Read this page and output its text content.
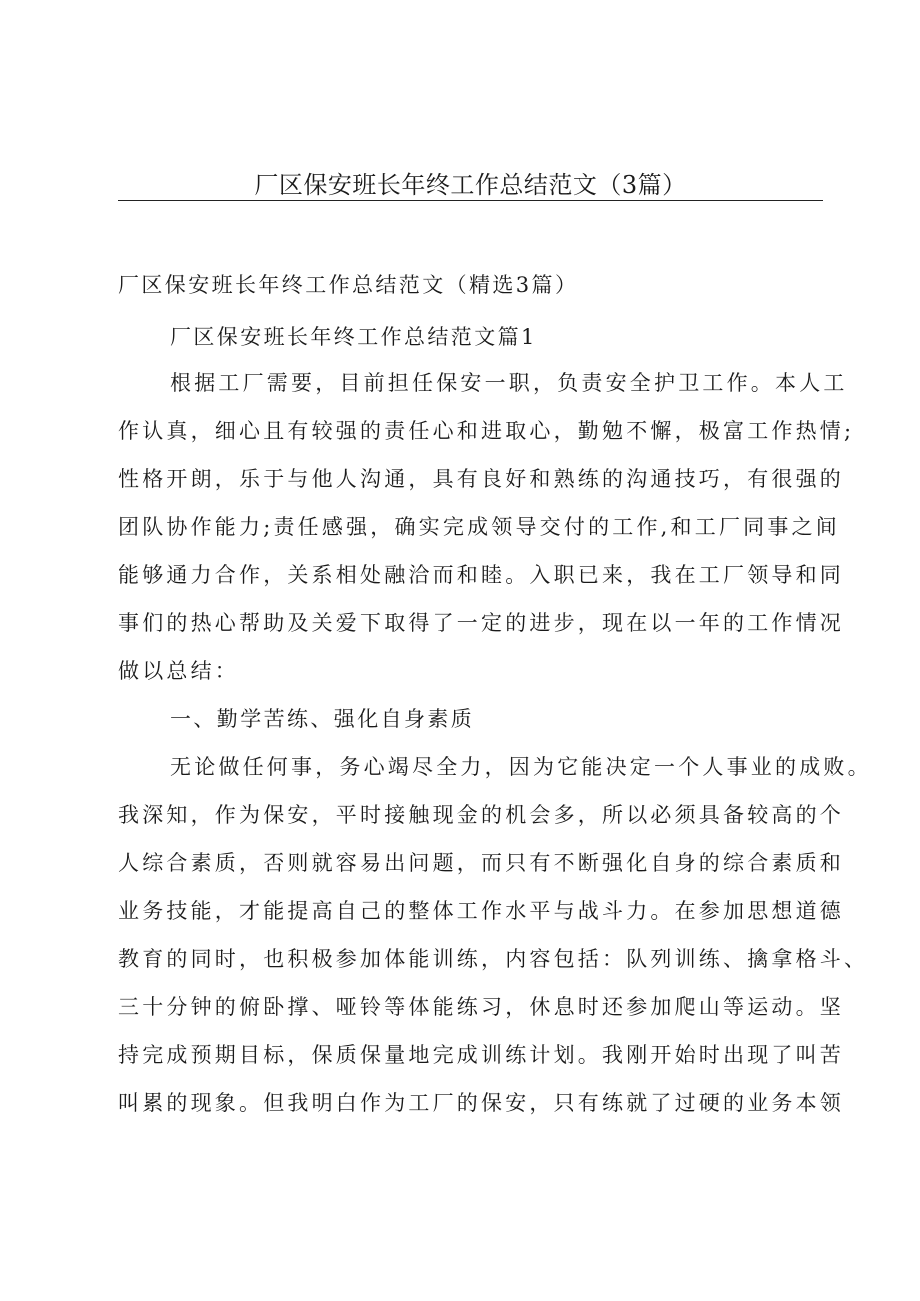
厂区保安班长年终工作总结范文（3篇）
厂区保安班长年终工作总结范文（精选3篇）
厂区保安班长年终工作总结范文篇1
根据工厂需要，目前担任保安一职，负责安全护卫工作。本人工
作认真，细心且有较强的责任心和进取心，勤勉不懈，极富工作热情;
性格开朗，乐于与他人沟通，具有良好和熟练的沟通技巧，有很强的
团队协作能力;责任感强，确实完成领导交付的工作,和工厂同事之间
能够通力合作，关系相处融洽而和睦。入职已来，我在工厂领导和同
事们的热心帮助及关爱下取得了一定的进步，现在以一年的工作情况
做以总结：
一、勤学苦练、强化自身素质
无论做任何事，务心竭尽全力，因为它能决定一个人事业的成败。
我深知，作为保安，平时接触现金的机会多，所以必须具备较高的个
人综合素质，否则就容易出问题，而只有不断强化自身的综合素质和
业务技能，才能提高自己的整体工作水平与战斗力。在参加思想道德
教育的同时，也积极参加体能训练，内容包括：队列训练、擒拿格斗、
三十分钟的俯卧撑、哑铃等体能练习，休息时还参加爬山等运动。坚
持完成预期目标，保质保量地完成训练计划。我刚开始时出现了叫苦
叫累的现象。但我明白作为工厂的保安，只有练就了过硬的业务本领
